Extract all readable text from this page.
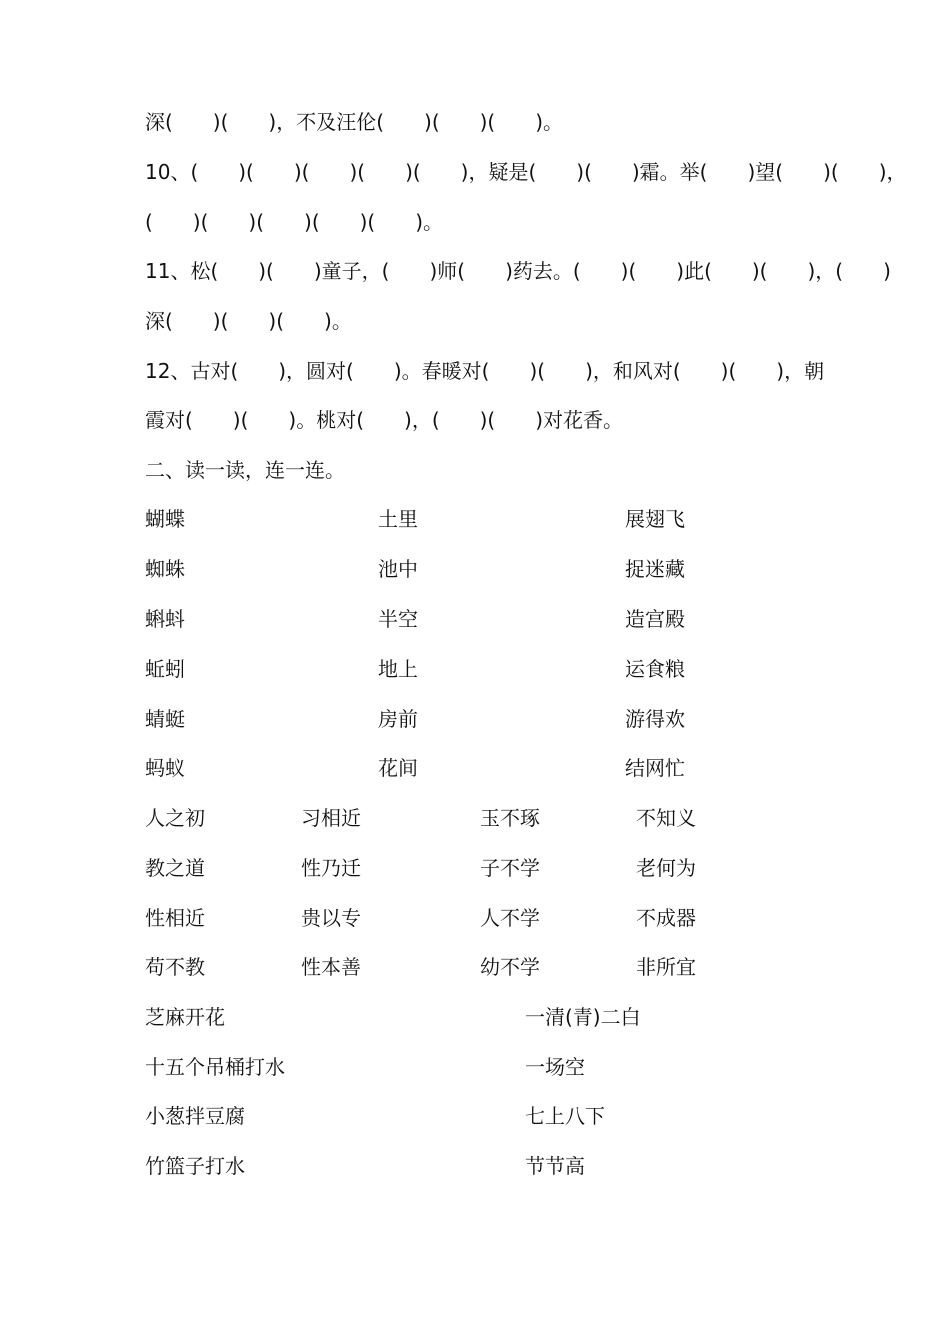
深(　　)(　　)，不及汪伦(　　)(　　)(　　)。
10、(　　)(　　)(　　)(　　)(　　)，疑是(　　)(　　)霜。举(　　)望(　　)(　　)，
(　　)(　　)(　　)(　　)(　　)。
11、松(　　)(　　)童子，(　　)师(　　)药去。(　　)(　　)此(　　)(　　)，(　　)
深(　　)(　　)(　　)。
12、古对(　　)，圆对(　　)。春暖对(　　)(　　)，和风对(　　)(　　)，朝
霞对(　　)(　　)。桃对(　　)，(　　)(　　)对花香。
二、读一读，连一连。
蝴蝶
蜘蛛
蝌蚪
蚯蚓
蜻蜓
蚂蚁
土里
池中
半空
地上
房前
花间
展翅飞
捉迷藏
造宫殿
运食粮
游得欢
结网忙
人之初
教之道
性相近
苟不教
习相近
性乃迁
贵以专
性本善
玉不琢
子不学
人不学
幼不学
不知义
老何为
不成器
非所宜
芝麻开花
十五个吊桶打水
小葱拌豆腐
竹篮子打水
一清(青)二白
一场空
七上八下
节节高
